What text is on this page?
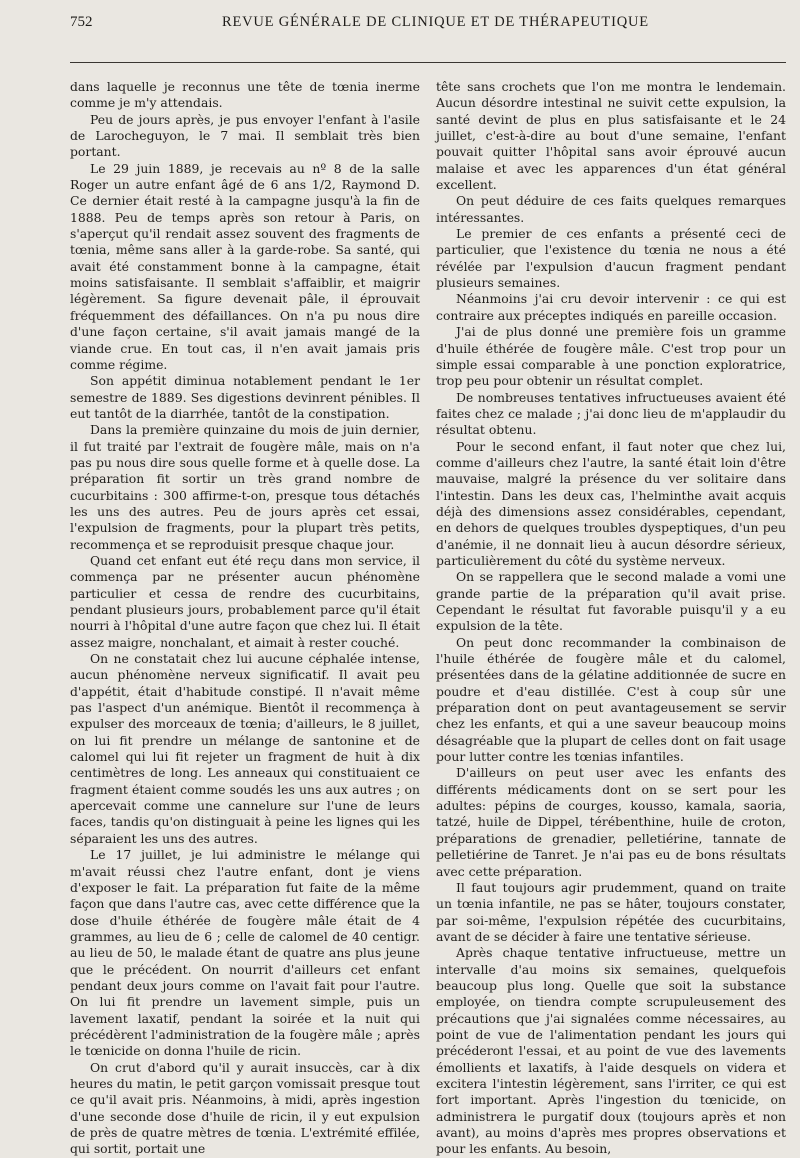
752	REVUE GÉNÉRALE DE CLINIQUE ET DE THÉRAPEUTIQUE

dans laquelle je reconnus une tête de tœnia inerme comme je m'y attendais.

Peu de jours après, je pus envoyer l'enfant à l'asile de Larocheguyon, le 7 mai. Il semblait très bien portant.

Le 29 juin 1889, je recevais au nº 8 de la salle Roger un autre enfant âgé de 6 ans 1/2, Raymond D. Ce dernier était resté à la campagne jusqu'à la fin de 1888. Peu de temps après son retour à Paris, on s'aperçut qu'il rendait assez souvent des fragments de tœnia, même sans aller à la garde-robe. Sa santé, qui avait été constamment bonne à la campagne, était moins satisfaisante. Il semblait s'affaiblir, et maigrir légèrement. Sa figure devenait pâle, il éprouvait fréquemment des défaillances. On n'a pu nous dire d'une façon certaine, s'il avait jamais mangé de la viande crue. En tout cas, il n'en avait jamais pris comme régime.

Son appétit diminua notablement pendant le 1er semestre de 1889. Ses digestions devinrent pénibles. Il eut tantôt de la diarrhée, tantôt de la constipation.

Dans la première quinzaine du mois de juin dernier, il fut traité par l'extrait de fougère mâle, mais on n'a pas pu nous dire sous quelle forme et à quelle dose. La préparation fit sortir un très grand nombre de cucurbitains : 300 affirme-t-on, presque tous détachés les uns des autres. Peu de jours après cet essai, l'expulsion de fragments, pour la plupart très petits, recommença et se reproduisit presque chaque jour.

Quand cet enfant eut été reçu dans mon service, il commença par ne présenter aucun phénomène particulier et cessa de rendre des cucurbitains, pendant plusieurs jours, probablement parce qu'il était nourri à l'hôpital d'une autre façon que chez lui. Il était assez maigre, nonchalant, et aimait à rester couché.

On ne constatait chez lui aucune céphalée intense, aucun phénomène nerveux significatif. Il avait peu d'appétit, était d'habitude constipé. Il n'avait même pas l'aspect d'un anémique. Bientôt il recommença à expulser des morceaux de tœnia; d'ailleurs, le 8 juillet, on lui fit prendre un mélange de santonine et de calomel qui lui fit rejeter un fragment de huit à dix centimètres de long. Les anneaux qui constituaient ce fragment étaient comme soudés les uns aux autres ; on apercevait comme une cannelure sur l'une de leurs faces, tandis qu'on distinguait à peine les lignes qui les séparaient les uns des autres.

Le 17 juillet, je lui administre le mélange qui m'avait réussi chez l'autre enfant, dont je viens d'exposer le fait. La préparation fut faite de la même façon que dans l'autre cas, avec cette différence que la dose d'huile éthérée de fougère mâle était de 4 grammes, au lieu de 6 ; celle de calomel de 40 centigr. au lieu de 50, le malade étant de quatre ans plus jeune que le précédent. On nourrit d'ailleurs cet enfant pendant deux jours comme on l'avait fait pour l'autre. On lui fit prendre un lavement simple, puis un lavement laxatif, pendant la soirée et la nuit qui précédèrent l'administration de la fougère mâle ; après le tœnicide on donna l'huile de ricin.

On crut d'abord qu'il y aurait insuccès, car à dix heures du matin, le petit garçon vomissait presque tout ce qu'il avait pris. Néanmoins, à midi, après ingestion d'une seconde dose d'huile de ricin, il y eut expulsion de près de quatre mètres de tœnia. L'extrémité effilée, qui sortit, portait une

tête sans crochets que l'on me montra le lendemain. Aucun désordre intestinal ne suivit cette expulsion, la santé devint de plus en plus satisfaisante et le 24 juillet, c'est-à-dire au bout d'une semaine, l'enfant pouvait quitter l'hôpital sans avoir éprouvé aucun malaise et avec les apparences d'un état général excellent.

On peut déduire de ces faits quelques remarques intéressantes.

Le premier de ces enfants a présenté ceci de particulier, que l'existence du tœnia ne nous a été révélée par l'expulsion d'aucun fragment pendant plusieurs semaines.

Néanmoins j'ai cru devoir intervenir : ce qui est contraire aux préceptes indiqués en pareille occasion.

J'ai de plus donné une première fois un gramme d'huile éthérée de fougère mâle. C'est trop pour un simple essai comparable à une ponction exploratrice, trop peu pour obtenir un résultat complet.

De nombreuses tentatives infructueuses avaient été faites chez ce malade ; j'ai donc lieu de m'applaudir du résultat obtenu.

Pour le second enfant, il faut noter que chez lui, comme d'ailleurs chez l'autre, la santé était loin d'être mauvaise, malgré la présence du ver solitaire dans l'intestin. Dans les deux cas, l'helminthe avait acquis déjà des dimensions assez considérables, cependant, en dehors de quelques troubles dyspeptiques, d'un peu d'anémie, il ne donnait lieu à aucun désordre sérieux, particulièrement du côté du système nerveux.

On se rappellera que le second malade a vomi une grande partie de la préparation qu'il avait prise. Cependant le résultat fut favorable puisqu'il y a eu expulsion de la tête.

On peut donc recommander la combinaison de l'huile éthérée de fougère mâle et du calomel, présentées dans de la gélatine additionnée de sucre en poudre et d'eau distillée. C'est à coup sûr une préparation dont on peut avantageusement se servir chez les enfants, et qui a une saveur beaucoup moins désagréable que la plupart de celles dont on fait usage pour lutter contre les tœnias infantiles.

D'ailleurs on peut user avec les enfants des différents médicaments dont on se sert pour les adultes: pépins de courges, kousso, kamala, saoria, tatzé, huile de Dippel, térébenthine, huile de croton, préparations de grenadier, pelletiérine, tannate de pelletiérine de Tanret. Je n'ai pas eu de bons résultats avec cette préparation.

Il faut toujours agir prudemment, quand on traite un tœnia infantile, ne pas se hâter, toujours constater, par soi-même, l'expulsion répétée des cucurbitains, avant de se décider à faire une tentative sérieuse.

Après chaque tentative infructueuse, mettre un intervalle d'au moins six semaines, quelquefois beaucoup plus long. Quelle que soit la substance employée, on tiendra compte scrupuleusement des précautions que j'ai signalées comme nécessaires, au point de vue de l'alimentation pendant les jours qui précéderont l'essai, et au point de vue des lavements émollients et laxatifs, à l'aide desquels on videra et excitera l'intestin légèrement, sans l'irriter, ce qui est fort important. Après l'ingestion du tœnicide, on administrera le purgatif doux (toujours après et non avant), au moins d'après mes propres observations et pour les enfants. Au besoin,
